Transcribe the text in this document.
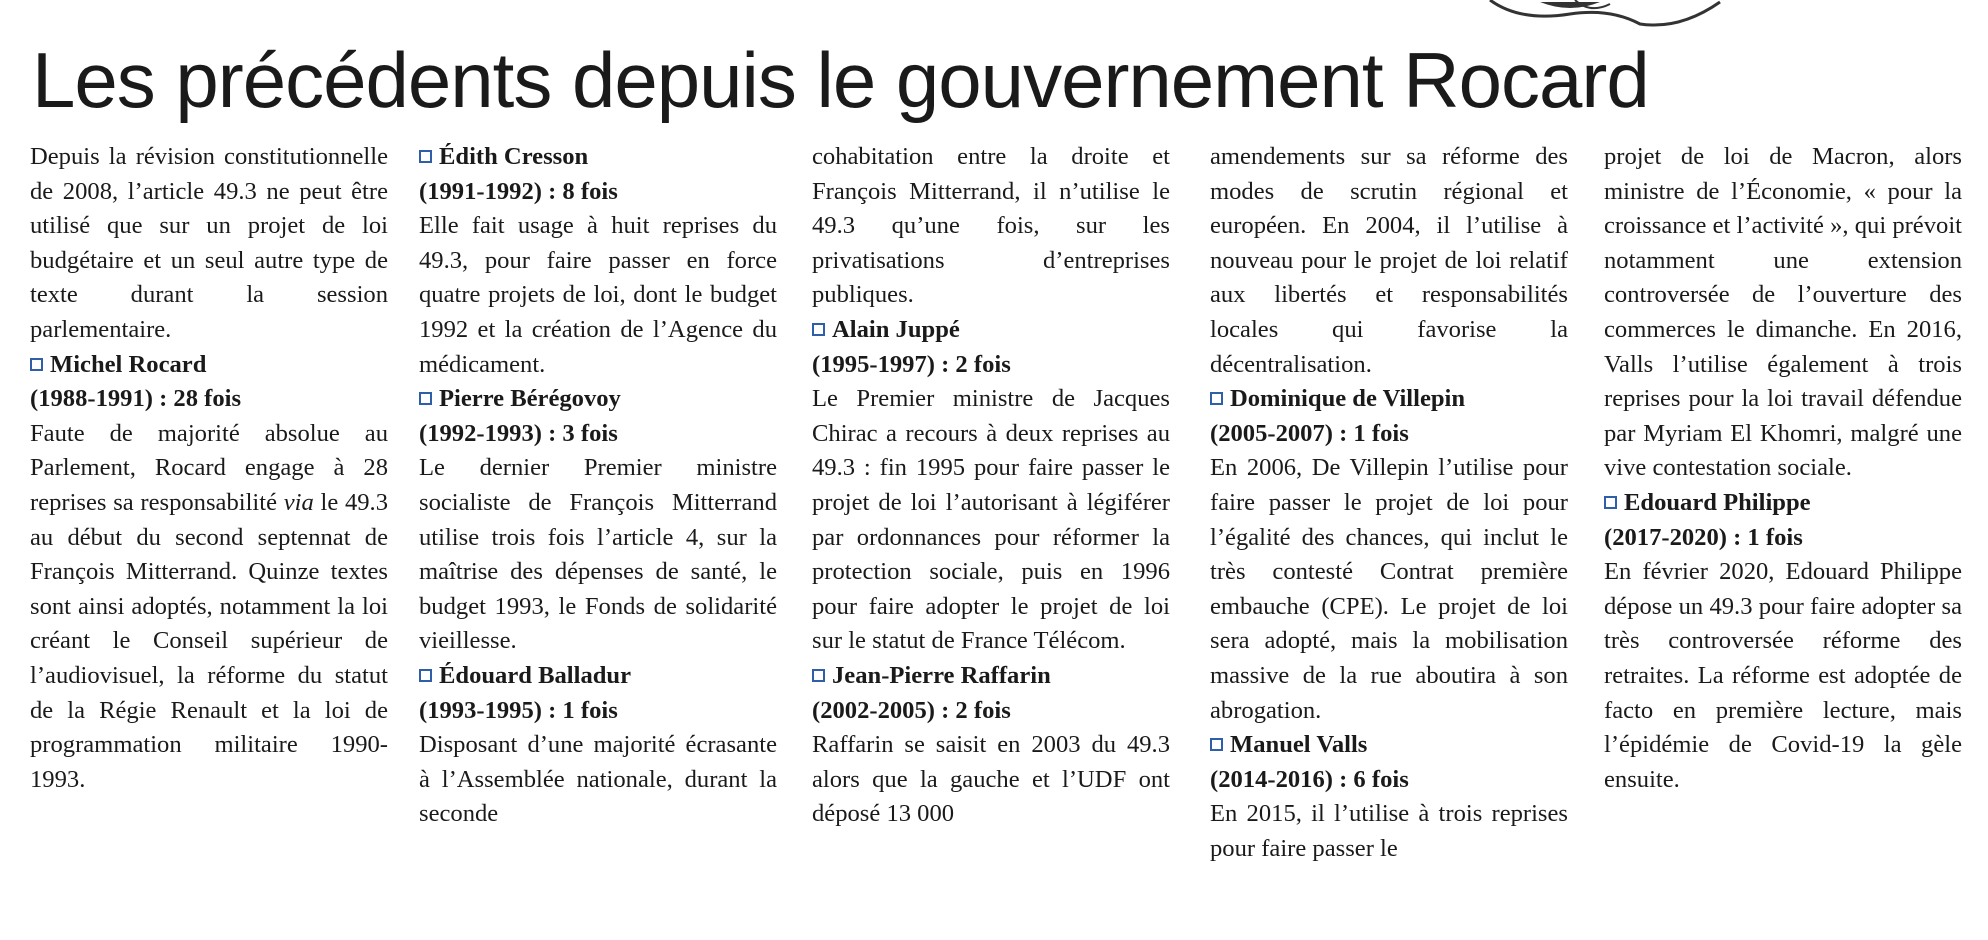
Les précédents depuis le gouvernement Rocard

Depuis la révision constitutionnelle de 2008, l’article 49.3 ne peut être utilisé que sur un projet de loi budgétaire et un seul autre type de texte durant la session parlementaire.

Michel Rocard
(1988-1991) : 28 fois

Faute de majorité absolue au Parlement, Rocard engage à 28 reprises sa responsabilité via le 49.3 au début du second septennat de François Mitterrand. Quinze textes sont ainsi adoptés, notamment la loi créant le Conseil supérieur de l’audiovisuel, la réforme du statut de la Régie Renault et la loi de programmation militaire 1990-1993.

Édith Cresson
(1991-1992) : 8 fois

Elle fait usage à huit reprises du 49.3, pour faire passer en force quatre projets de loi, dont le budget 1992 et la création de l’Agence du médicament.

Pierre Bérégovoy
(1992-1993) : 3 fois

Le dernier Premier ministre socialiste de François Mitterrand utilise trois fois l’article 4, sur la maîtrise des dépenses de santé, le budget 1993, le Fonds de solidarité vieillesse.

Édouard Balladur
(1993-1995) : 1 fois

Disposant d’une majorité écrasante à l’Assemblée nationale, durant la seconde

cohabitation entre la droite et François Mitterrand, il n’utilise le 49.3 qu’une fois, sur les privatisations d’entreprises publiques.

Alain Juppé
(1995-1997) : 2 fois

Le Premier ministre de Jacques Chirac a recours à deux reprises au 49.3 : fin 1995 pour faire passer le projet de loi l’autorisant à légiférer par ordonnances pour réformer la protection sociale, puis en 1996 pour faire adopter le projet de loi sur le statut de France Télécom.

Jean-Pierre Raffarin
(2002-2005) : 2 fois

Raffarin se saisit en 2003 du 49.3 alors que la gauche et l’UDF ont déposé 13 000

amendements sur sa réforme des modes de scrutin régional et européen. En 2004, il l’utilise à nouveau pour le projet de loi relatif aux libertés et responsabilités locales qui favorise la décentralisation.

Dominique de Villepin
(2005-2007) : 1 fois

En 2006, De Villepin l’utilise pour faire passer le projet de loi pour l’égalité des chances, qui inclut le très contesté Contrat première embauche (CPE). Le projet de loi sera adopté, mais la mobilisation massive de la rue aboutira à son abrogation.

Manuel Valls
(2014-2016) : 6 fois

En 2015, il l’utilise à trois reprises pour faire passer le

projet de loi de Macron, alors ministre de l’Économie, « pour la croissance et l’activité », qui prévoit notamment une extension controversée de l’ouverture des commerces le dimanche. En 2016, Valls l’utilise également à trois reprises pour la loi travail défendue par Myriam El Khomri, malgré une vive contestation sociale.

Edouard Philippe
(2017-2020) : 1 fois

En février 2020, Edouard Philippe dépose un 49.3 pour faire adopter sa très controversée réforme des retraites. La réforme est adoptée de facto en première lecture, mais l’épidémie de Covid-19 la gèle ensuite.
